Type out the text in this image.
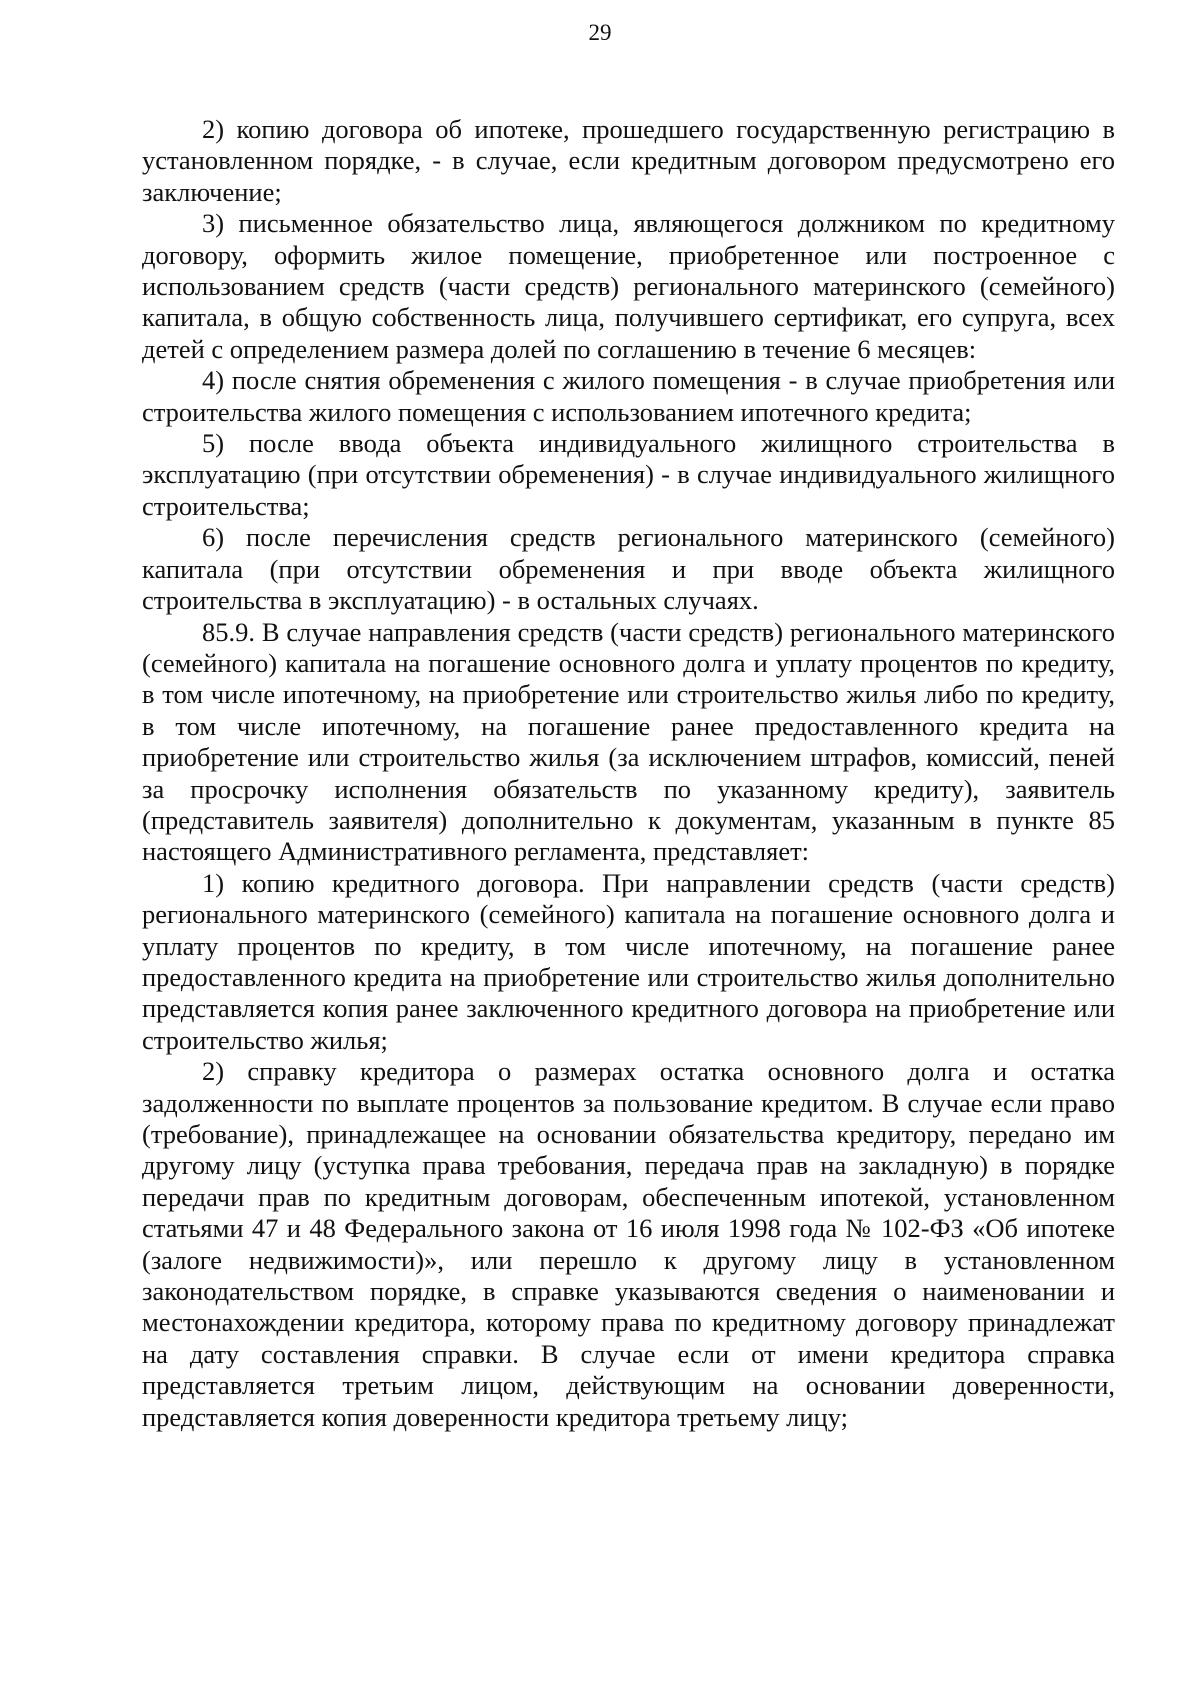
29

2) копию договора об ипотеке, прошедшего государственную регистрацию в установленном порядке, - в случае, если кредитным договором предусмотрено его заключение;

3) письменное обязательство лица, являющегося должником по кредитному договору, оформить жилое помещение, приобретенное или построенное с использованием средств (части средств) регионального материнского (семейного) капитала, в общую собственность лица, получившего сертификат, его супруга, всех детей с определением размера долей по соглашению в течение 6 месяцев:

4) после снятия обременения с жилого помещения - в случае приобретения или строительства жилого помещения с использованием ипотечного кредита;

5) после ввода объекта индивидуального жилищного строительства в эксплуатацию (при отсутствии обременения) - в случае индивидуального жилищного строительства;

6) после перечисления средств регионального материнского (семейного) капитала (при отсутствии обременения и при вводе объекта жилищного строительства в эксплуатацию) - в остальных случаях.

85.9. В случае направления средств (части средств) регионального материнского (семейного) капитала на погашение основного долга и уплату процентов по кредиту, в том числе ипотечному, на приобретение или строительство жилья либо по кредиту, в том числе ипотечному, на погашение ранее предоставленного кредита на приобретение или строительство жилья (за исключением штрафов, комиссий, пеней за просрочку исполнения обязательств по указанному кредиту), заявитель (представитель заявителя) дополнительно к документам, указанным в пункте 85 настоящего Административного регламента, представляет:

1) копию кредитного договора. При направлении средств (части средств) регионального материнского (семейного) капитала на погашение основного долга и уплату процентов по кредиту, в том числе ипотечному, на погашение ранее предоставленного кредита на приобретение или строительство жилья дополнительно представляется копия ранее заключенного кредитного договора на приобретение или строительство жилья;

2) справку кредитора о размерах остатка основного долга и остатка задолженности по выплате процентов за пользование кредитом. В случае если право (требование), принадлежащее на основании обязательства кредитору, передано им другому лицу (уступка права требования, передача прав на закладную) в порядке передачи прав по кредитным договорам, обеспеченным ипотекой, установленном статьями 47 и 48 Федерального закона от 16 июля 1998 года № 102-ФЗ «Об ипотеке (залоге недвижимости)», или перешло к другому лицу в установленном законодательством порядке, в справке указываются сведения о наименовании и местонахождении кредитора, которому права по кредитному договору принадлежат на дату составления справки. В случае если от имени кредитора справка представляется третьим лицом, действующим на основании доверенности, представляется копия доверенности кредитора третьему лицу;
